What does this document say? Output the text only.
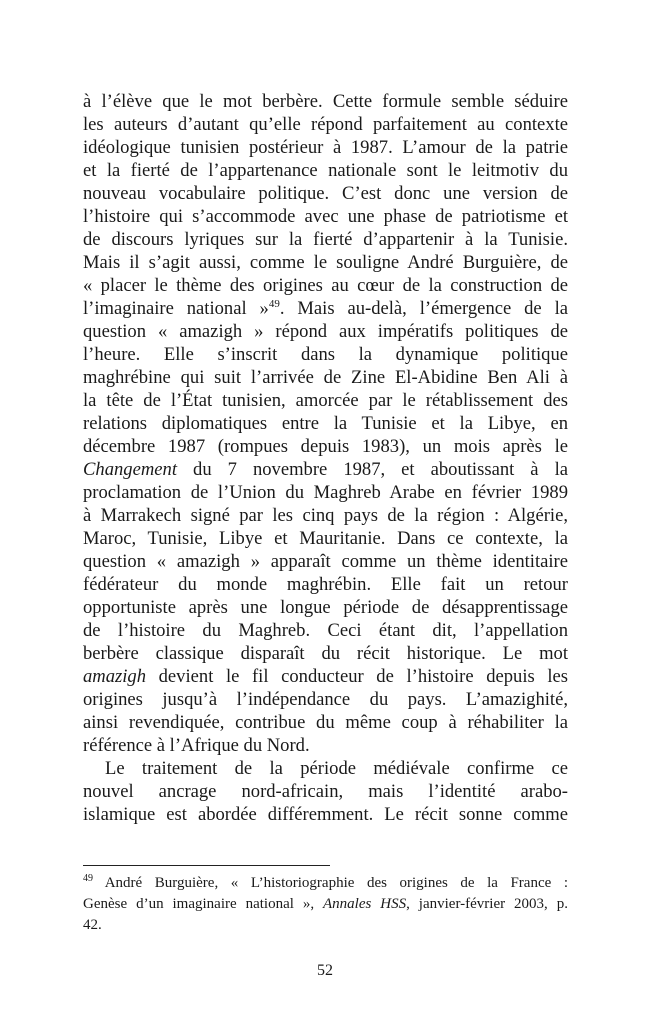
à l’élève que le mot berbère. Cette formule semble séduire
les auteurs d’autant qu’elle répond parfaitement au contexte
idéologique tunisien postérieur à 1987. L’amour de la patrie
et la fierté de l’appartenance nationale sont le leitmotiv du
nouveau vocabulaire politique. C’est donc une version de
l’histoire qui s’accommode avec une phase de patriotisme et
de discours lyriques sur la fierté d’appartenir à la Tunisie.
Mais il s’agit aussi, comme le souligne André Burguière, de
« placer le thème des origines au cœur de la construction de
l’imaginaire national »$^{49}$. Mais au-delà, l’émergence de la
question « amazigh » répond aux impératifs politiques de
l’heure. Elle s’inscrit dans la dynamique politique
maghrébine qui suit l’arrivée de Zine El-Abidine Ben Ali à
la tête de l’État tunisien, amorcée par le rétablissement des
relations diplomatiques entre la Tunisie et la Libye, en
décembre 1987 (rompues depuis 1983), un mois après le
Changement du 7 novembre 1987, et aboutissant à la
proclamation de l’Union du Maghreb Arabe en février 1989
à Marrakech signé par les cinq pays de la région : Algérie,
Maroc, Tunisie, Libye et Mauritanie. Dans ce contexte, la
question « amazigh » apparaît comme un thème identitaire
fédérateur du monde maghrébin. Elle fait un retour
opportuniste après une longue période de désapprentissage
de l’histoire du Maghreb. Ceci étant dit, l’appellation
berbère classique disparaît du récit historique. Le mot
amazigh devient le fil conducteur de l’histoire depuis les
origines jusqu’à l’indépendance du pays. L’amazighité,
ainsi revendiquée, contribue du même coup à réhabiliter la
référence à l’Afrique du Nord.
Le traitement de la période médiévale confirme ce
nouvel ancrage nord-africain, mais l’identité arabo-
islamique est abordée différemment. Le récit sonne comme
$^{49}$ André Burguière, « L’historiographie des origines de la France :
Genèse d’un imaginaire national », Annales HSS, janvier-février 2003, p.
42.
52
